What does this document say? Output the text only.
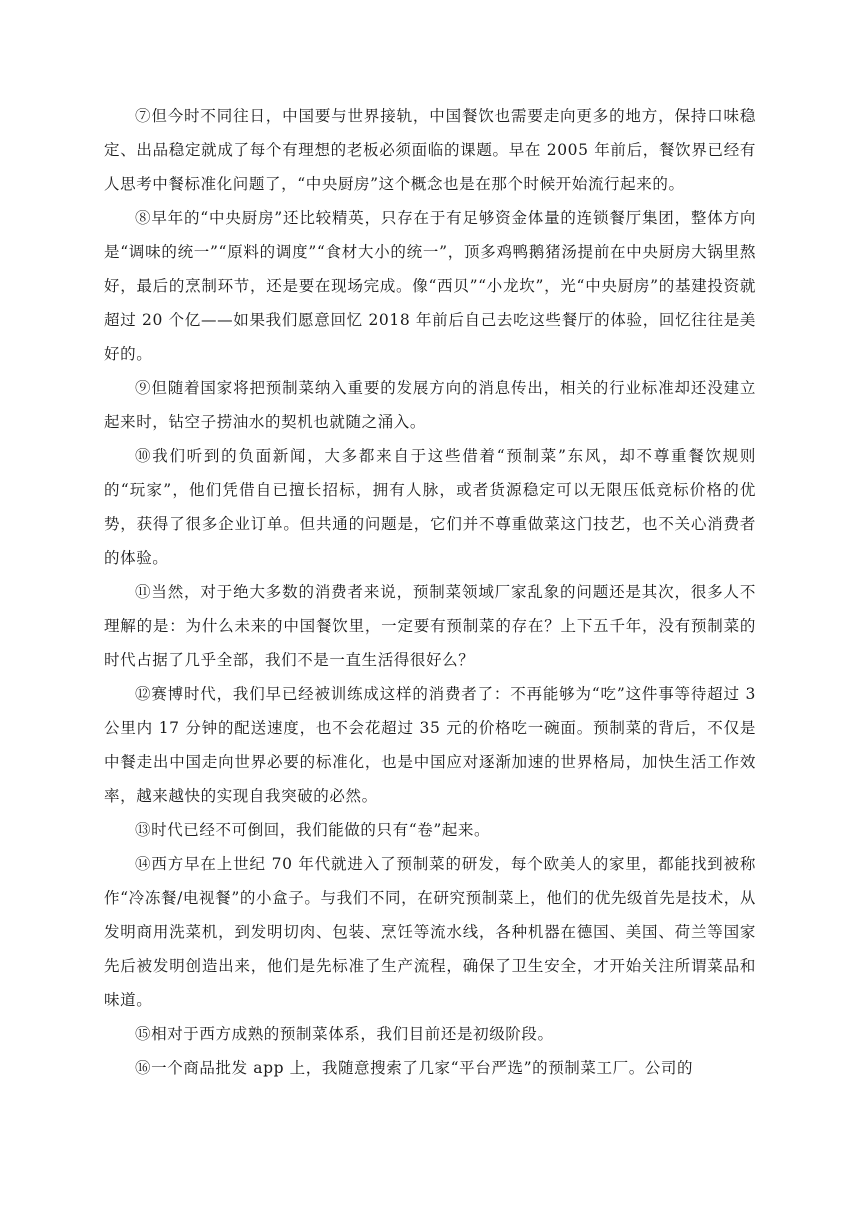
⑦但今时不同往日，中国要与世界接轨，中国餐饮也需要走向更多的地方，保持口味稳定、出品稳定就成了每个有理想的老板必须面临的课题。早在 2005 年前后，餐饮界已经有人思考中餐标准化问题了，“中央厨房”这个概念也是在那个时候开始流行起来的。

⑧早年的“中央厨房”还比较精英，只存在于有足够资金体量的连锁餐厅集团，整体方向是“调味的统一”“原料的调度”“食材大小的统一”，顶多鸡鸭鹅猪汤提前在中央厨房大锅里熬好，最后的烹制环节，还是要在现场完成。像“西贝”“小龙坎”，光“中央厨房”的基建投资就超过 20 个亿——如果我们愿意回忆 2018 年前后自己去吃这些餐厅的体验，回忆往往是美好的。

⑨但随着国家将把预制菜纳入重要的发展方向的消息传出，相关的行业标准却还没建立起来时，钻空子捞油水的契机也就随之涌入。

⑩我们听到的负面新闻，大多都来自于这些借着“预制菜”东风，却不尊重餐饮规则的“玩家”，他们凭借自已擅长招标，拥有人脉，或者货源稳定可以无限压低竞标价格的优势，获得了很多企业订单。但共通的问题是，它们并不尊重做菜这门技艺，也不关心消费者的体验。

⑪当然，对于绝大多数的消费者来说，预制菜领域厂家乱象的问题还是其次，很多人不理解的是：为什么未来的中国餐饮里，一定要有预制菜的存在？上下五千年，没有预制菜的时代占据了几乎全部，我们不是一直生活得很好么？

⑫赛博时代，我们早已经被训练成这样的消费者了：不再能够为“吃”这件事等待超过 3 公里内 17 分钟的配送速度，也不会花超过 35 元的价格吃一碗面。预制菜的背后，不仅是中餐走出中国走向世界必要的标准化，也是中国应对逐渐加速的世界格局，加快生活工作效率，越来越快的实现自我突破的必然。

⑬时代已经不可倒回，我们能做的只有“卷”起来。

⑭西方早在上世纪 70 年代就进入了预制菜的研发，每个欧美人的家里，都能找到被称作“冷冻餐/电视餐”的小盒子。与我们不同，在研究预制菜上，他们的优先级首先是技术，从发明商用洗菜机，到发明切肉、包装、烹饪等流水线，各种机器在德国、美国、荷兰等国家先后被发明创造出来，他们是先标准了生产流程，确保了卫生安全，才开始关注所谓菜品和味道。

⑮相对于西方成熟的预制菜体系，我们目前还是初级阶段。

⑯一个商品批发 app 上，我随意搜索了几家“平台严选”的预制菜工厂。公司的
